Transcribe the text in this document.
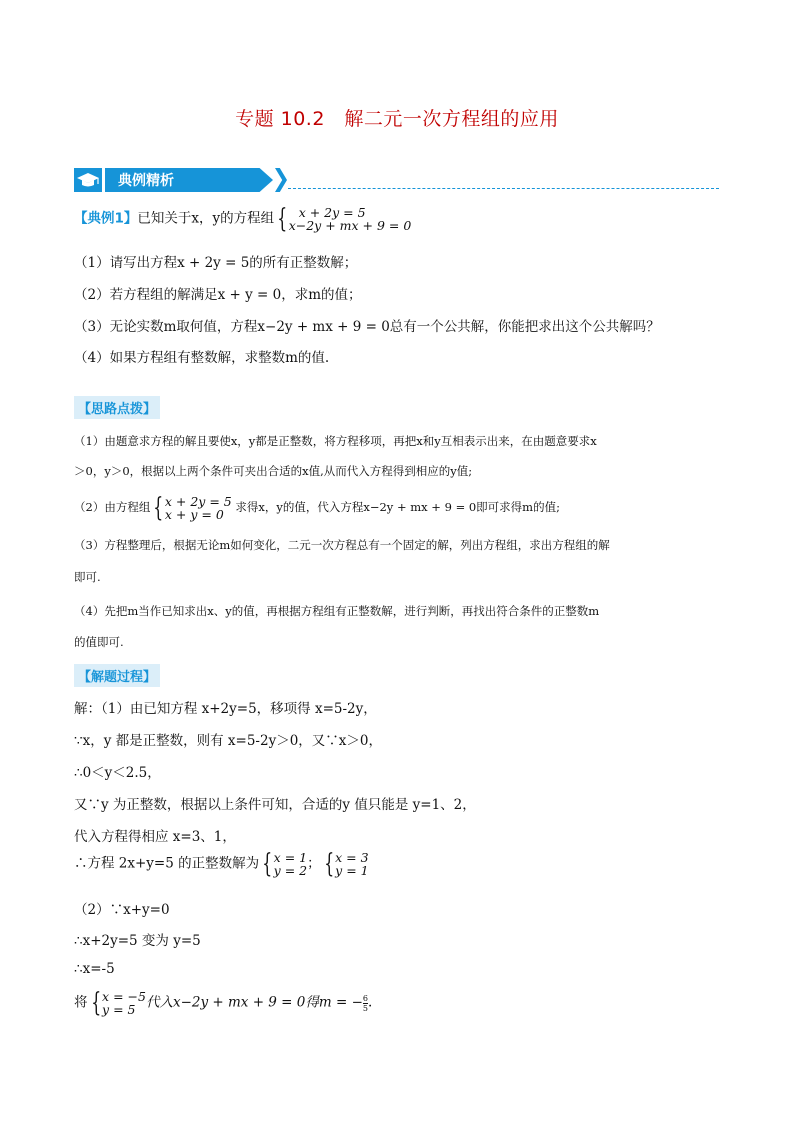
专题 10.2　解二元一次方程组的应用
典例精析
【典例1】已知关于x，y的方程组 { x + 2y = 5
x−2y + mx + 9 = 0
（1）请写出方程x + 2y = 5的所有正整数解；
（2）若方程组的解满足x + y = 0，求m的值；
（3）无论实数m取何值，方程x−2y + mx + 9 = 0总有一个公共解，你能把求出这个公共解吗？
（4）如果方程组有整数解，求整数m的值.
【思路点拨】
（1）由题意求方程的解且要使x，y都是正整数，将方程移项，再把x和y互相表示出来，在由题意要求x
＞0，y＞0，根据以上两个条件可夹出合适的x值,从而代入方程得到相应的y值;
（2）由方程组 {x + 2y = 5
x + y = 0 求得x，y的值，代入方程x−2y + mx + 9 = 0即可求得m的值;
（3）方程整理后，根据无论m如何变化，二元一次方程总有一个固定的解，列出方程组，求出方程组的解
即可.
（4）先把m当作已知求出x、y的值，再根据方程组有正整数解，进行判断，再找出符合条件的正整数m
的值即可.
【解题过程】
解：（1）由已知方程 x+2y=5，移项得 x=5-2y，
∵x，y 都是正整数，则有 x=5-2y＞0，又∵x＞0，
∴0＜y＜2.5，
又∵y 为正整数，根据以上条件可知，合适的y 值只能是 y=1、2，
代入方程得相应 x=3、1，
∴方程 2x+y=5 的正整数解为 {x = 1
y = 2； {x = 3
y = 1
（2）∵x+y=0
∴x+2y=5 变为 y=5
∴x=-5
将 {x = −5
y = 5 代入x−2y + mx + 9 = 0得m = − $\frac{6}{5}$ .
